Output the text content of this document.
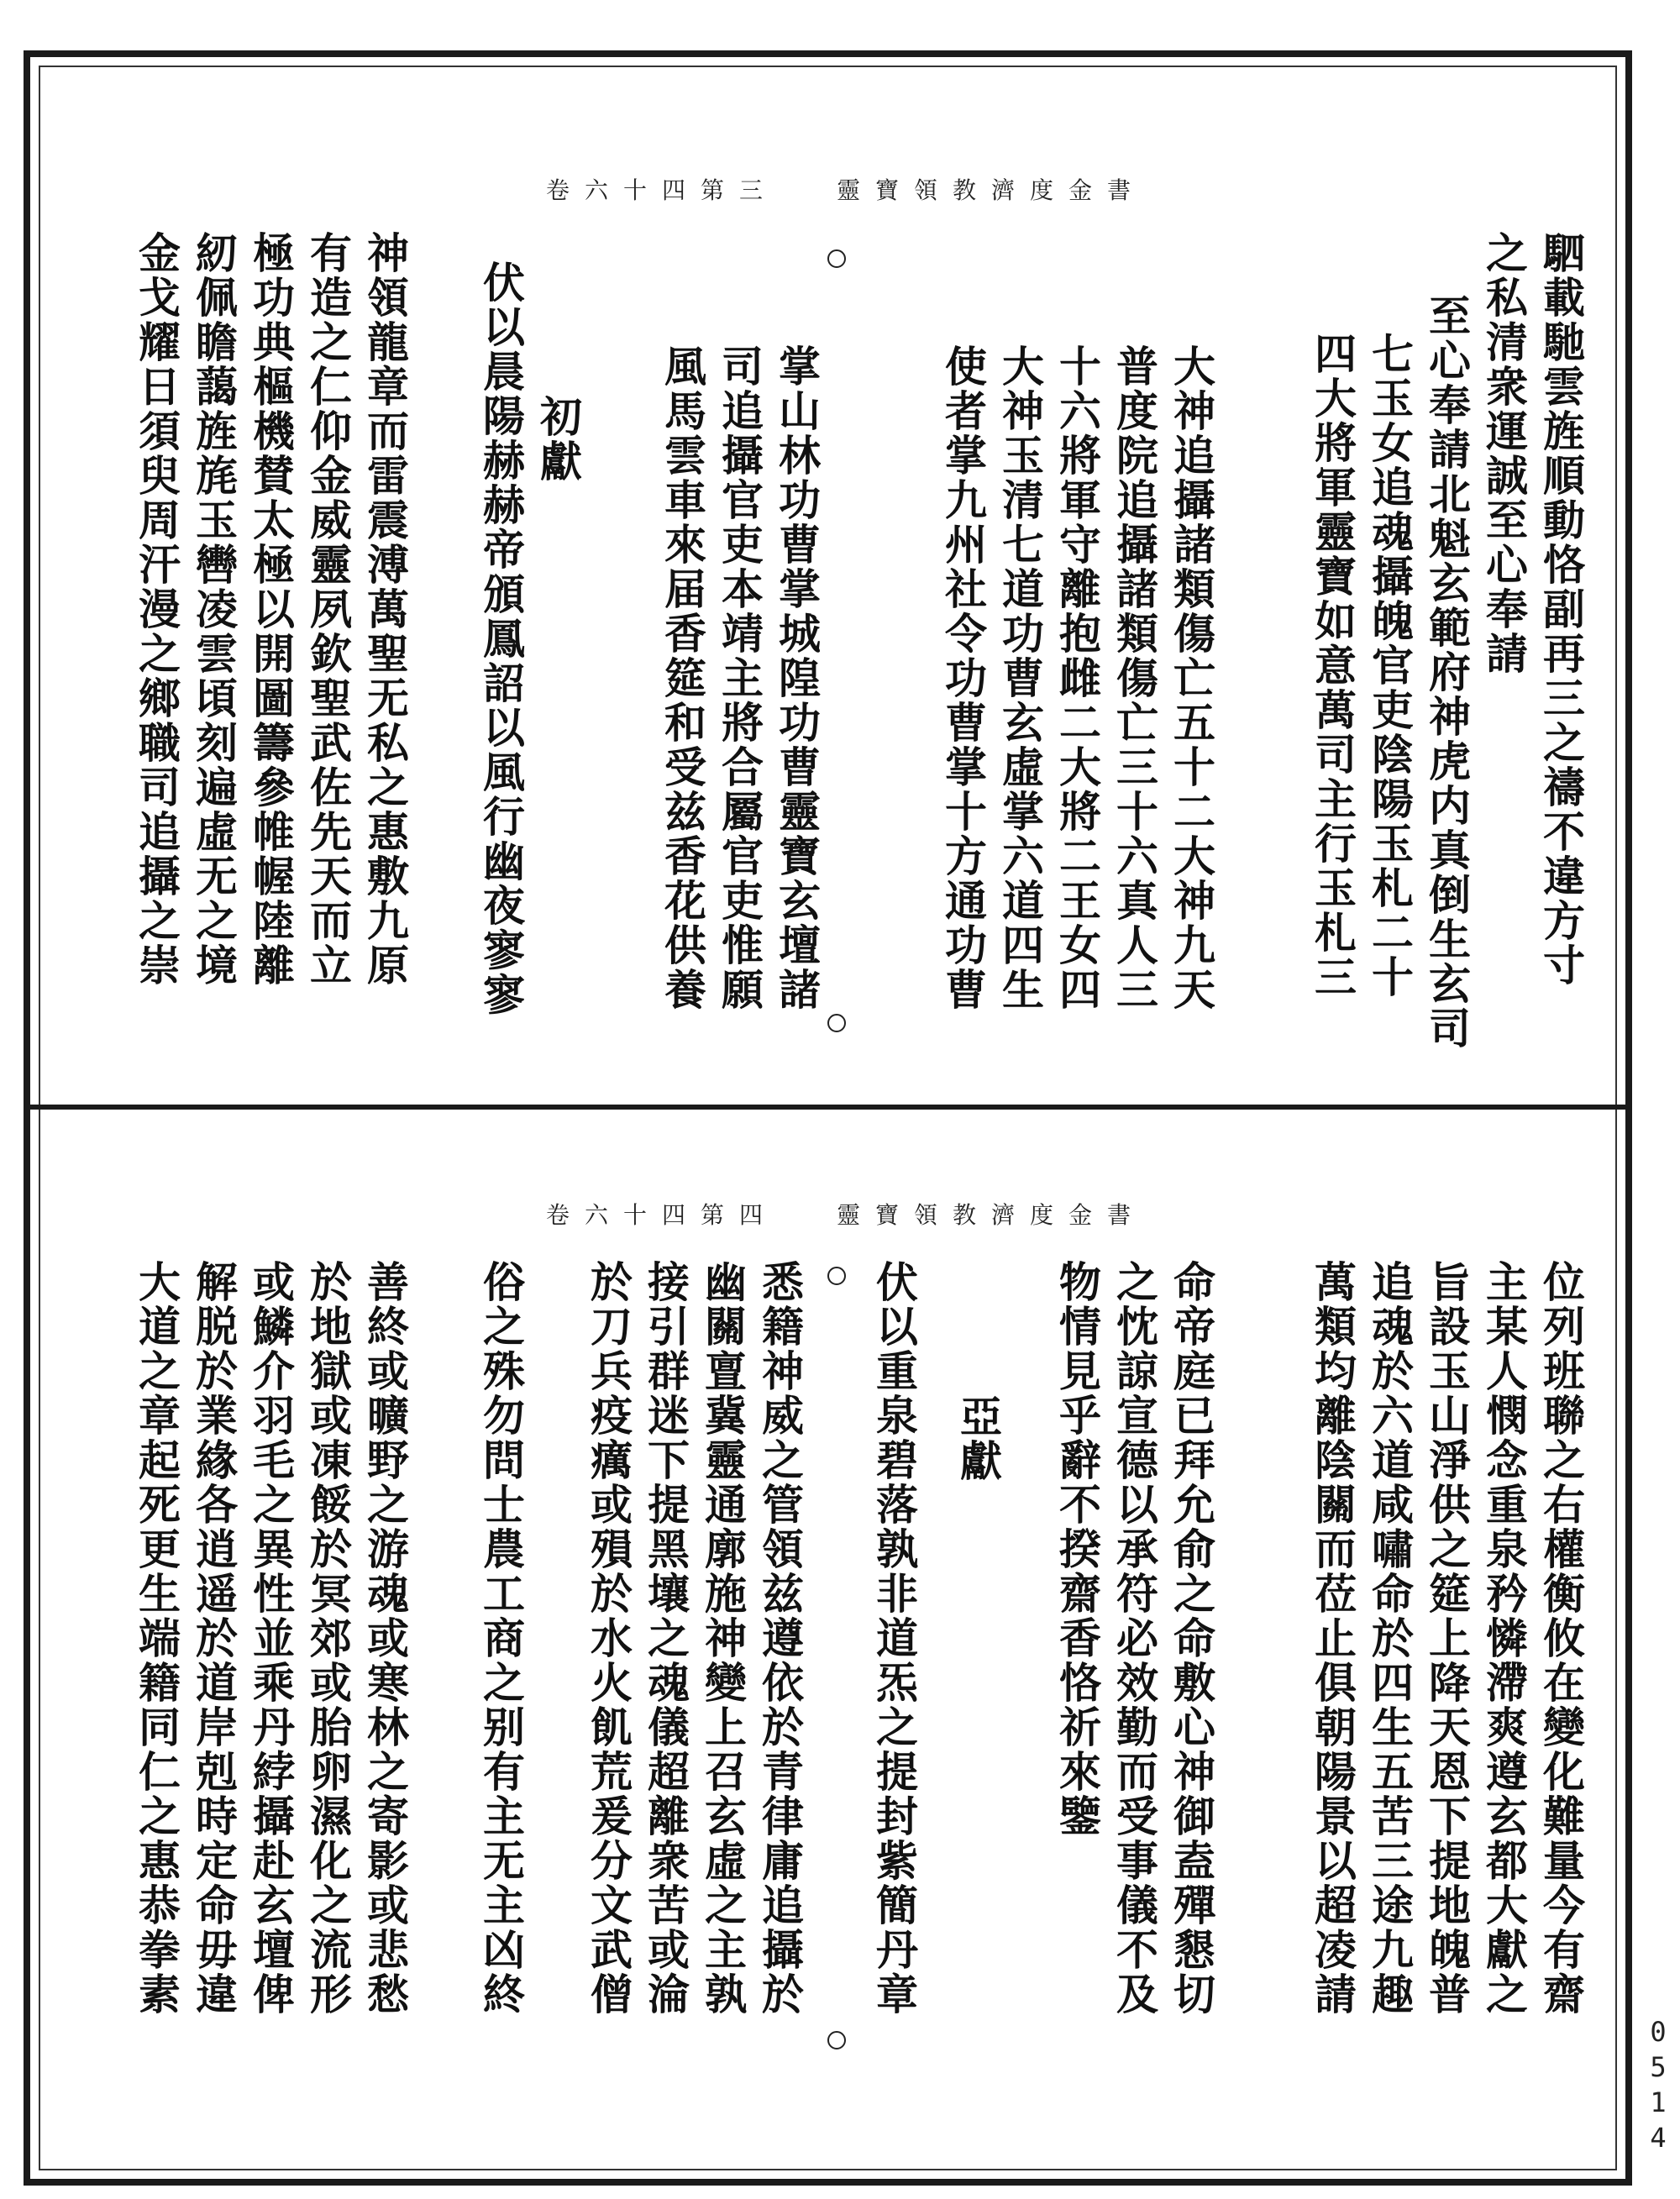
靈寶領教濟度金書
卷六十四第三
靈寶領教濟度金書
卷六十四第四
駟載馳雲旌順動恪副再三之禱不違方寸
之私清衆運誠至心奉請
至心奉請北魁玄範府神虎内真倒生玄司
七玉女追魂攝魄官吏陰陽玉札二十
四大將軍靈寶如意萬司主行玉札三
大神追攝諸類傷亡五十二大神九天
普度院追攝諸類傷亡三十六真人三
十六將軍守離抱雌二大將二王女四
大神玉清七道功曹玄虛掌六道四生
使者掌九州社令功曹掌十方通功曹
掌山林功曹掌城隍功曹靈寶玄壇諸
司追攝官吏本靖主將合屬官吏惟願
風馬雲車來届香筵和受兹香花供養
初獻
伏以晨陽赫赫帝頒鳳詔以風行幽夜寥寥
神領龍章而雷震溥萬聖无私之惠敷九原
有造之仁仰金威靈夙欽聖武佐先天而立
極功典樞機賛太極以開圖籌參帷幄陸離
紉佩瞻藹旌旄玉轡凌雲頃刻遍虛无之境
金戈耀日須臾周汗漫之鄉職司追攝之崇
位列班聯之右權衡攸在變化難量今有齋
主某人憫念重泉矜憐滯爽遵玄都大獻之
旨設玉山淨供之筵上降天恩下提地魄普
追魂於六道咸嘯命於四生五苦三途九趣
萬類均離陰關而莅止俱朝陽景以超凌請
命帝庭已拜允俞之命敷心神御盍殫懇切
之忱諒宣德以承符必效勤而受事儀不及
物情見乎辭不揆齋香恪祈來鑒
亞獻
伏以重泉碧落孰非道炁之提封紫簡丹章
悉籍神威之管領兹遵依於青律庸追攝於
幽關亶冀靈通廓施神變上召玄虛之主孰
接引群迷下提黑壤之魂儀超離衆苦或淪
於刀兵疫癘或殞於水火飢荒爰分文武僧
俗之殊勿問士農工商之别有主无主凶終
善終或曠野之游魂或寒林之寄影或悲愁
於地獄或凍餒於冥郊或胎卵濕化之流形
或鱗介羽毛之異性並乘丹綍攝赴玄壇俾
解脱於業緣各逍遥於道岸剋時定命毋違
大道之章起死更生端籍同仁之惠恭拳素
0514
